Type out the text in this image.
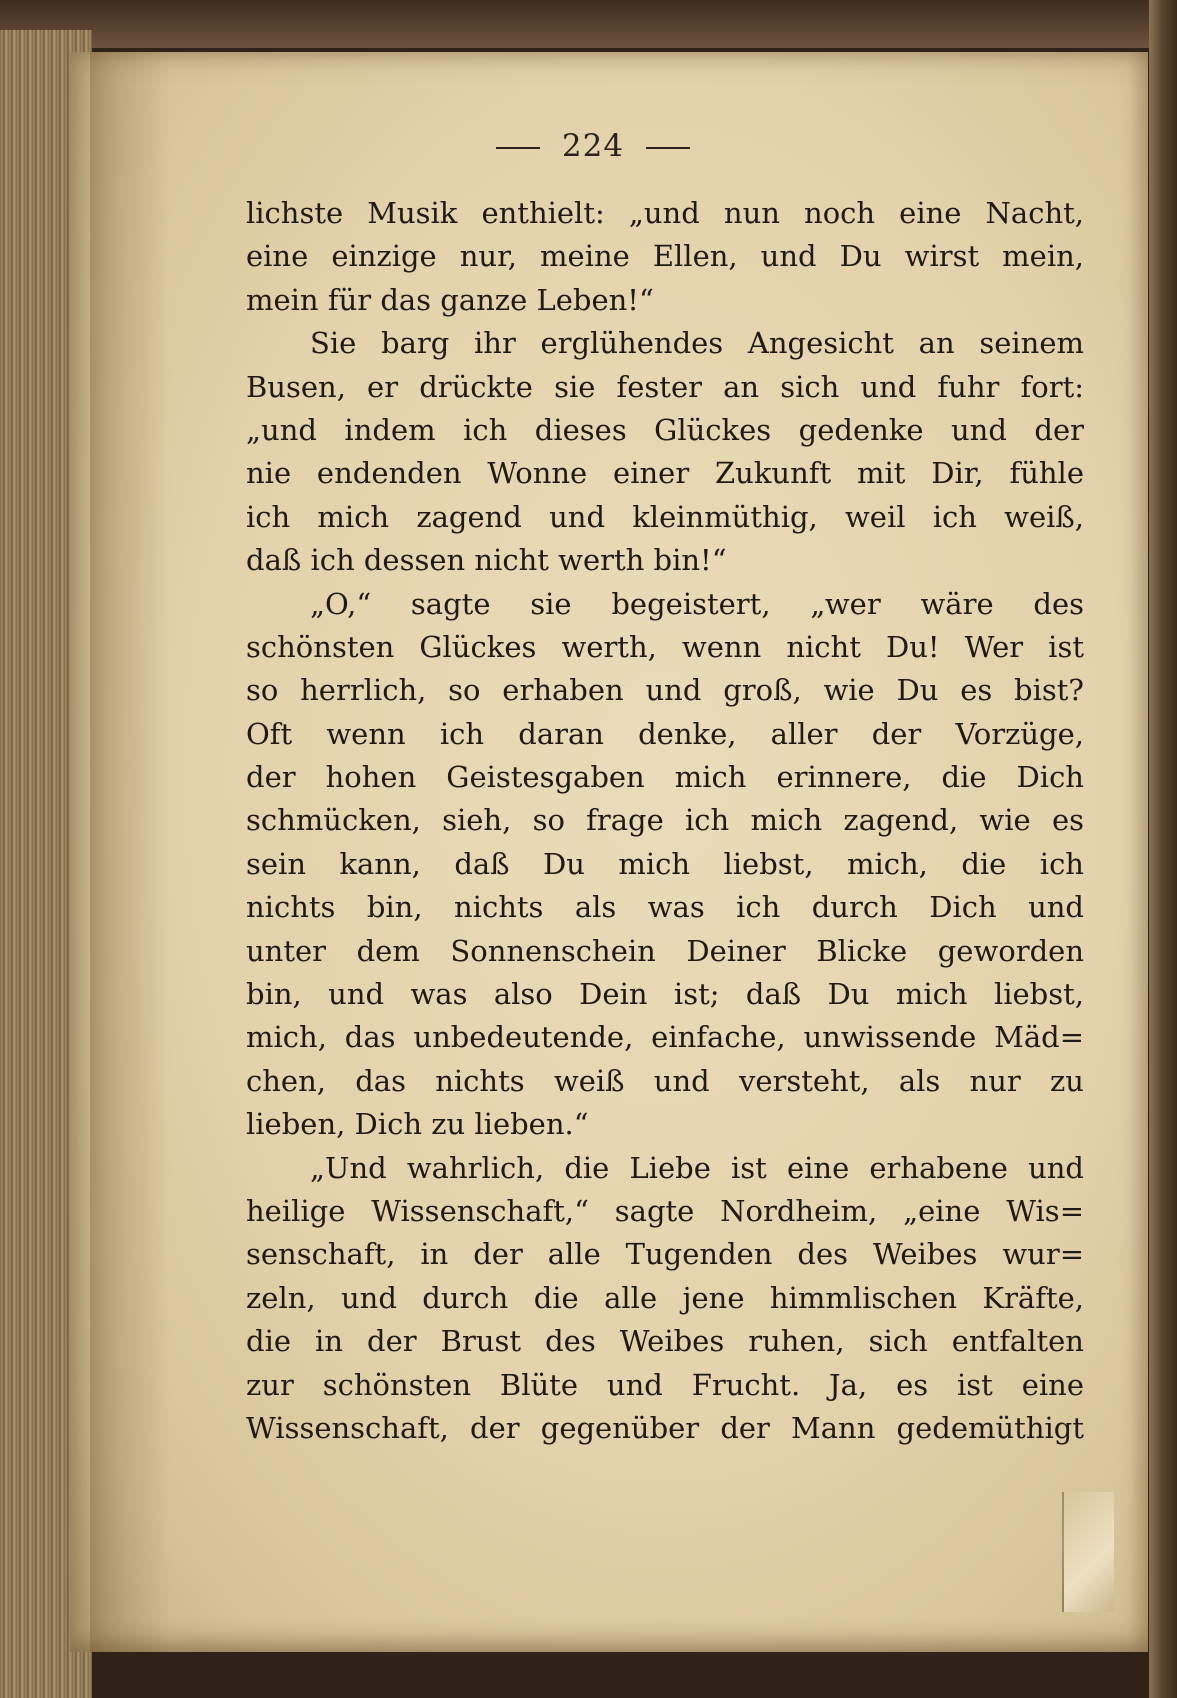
224
lichste Musik enthielt: „und nun noch eine Nacht,
eine einzige nur, meine Ellen, und Du wirst mein,
mein für das ganze Leben!“
Sie barg ihr erglühendes Angesicht an seinem
Busen, er drückte sie fester an sich und fuhr fort:
„und indem ich dieses Glückes gedenke und der
nie endenden Wonne einer Zukunft mit Dir, fühle
ich mich zagend und kleinmüthig, weil ich weiß,
daß ich dessen nicht werth bin!“
„O,“ sagte sie begeistert, „wer wäre des
schönsten Glückes werth, wenn nicht Du! Wer ist
so herrlich, so erhaben und groß, wie Du es bist?
Oft wenn ich daran denke, aller der Vorzüge,
der hohen Geistesgaben mich erinnere, die Dich
schmücken, sieh, so frage ich mich zagend, wie es
sein kann, daß Du mich liebst, mich, die ich
nichts bin, nichts als was ich durch Dich und
unter dem Sonnenschein Deiner Blicke geworden
bin, und was also Dein ist; daß Du mich liebst,
mich, das unbedeutende, einfache, unwissende Mäd=
chen, das nichts weiß und versteht, als nur zu
lieben, Dich zu lieben.“
„Und wahrlich, die Liebe ist eine erhabene und
heilige Wissenschaft,“ sagte Nordheim, „eine Wis=
senschaft, in der alle Tugenden des Weibes wur=
zeln, und durch die alle jene himmlischen Kräfte,
die in der Brust des Weibes ruhen, sich entfalten
zur schönsten Blüte und Frucht. Ja, es ist eine
Wissenschaft, der gegenüber der Mann gedemüthigt
